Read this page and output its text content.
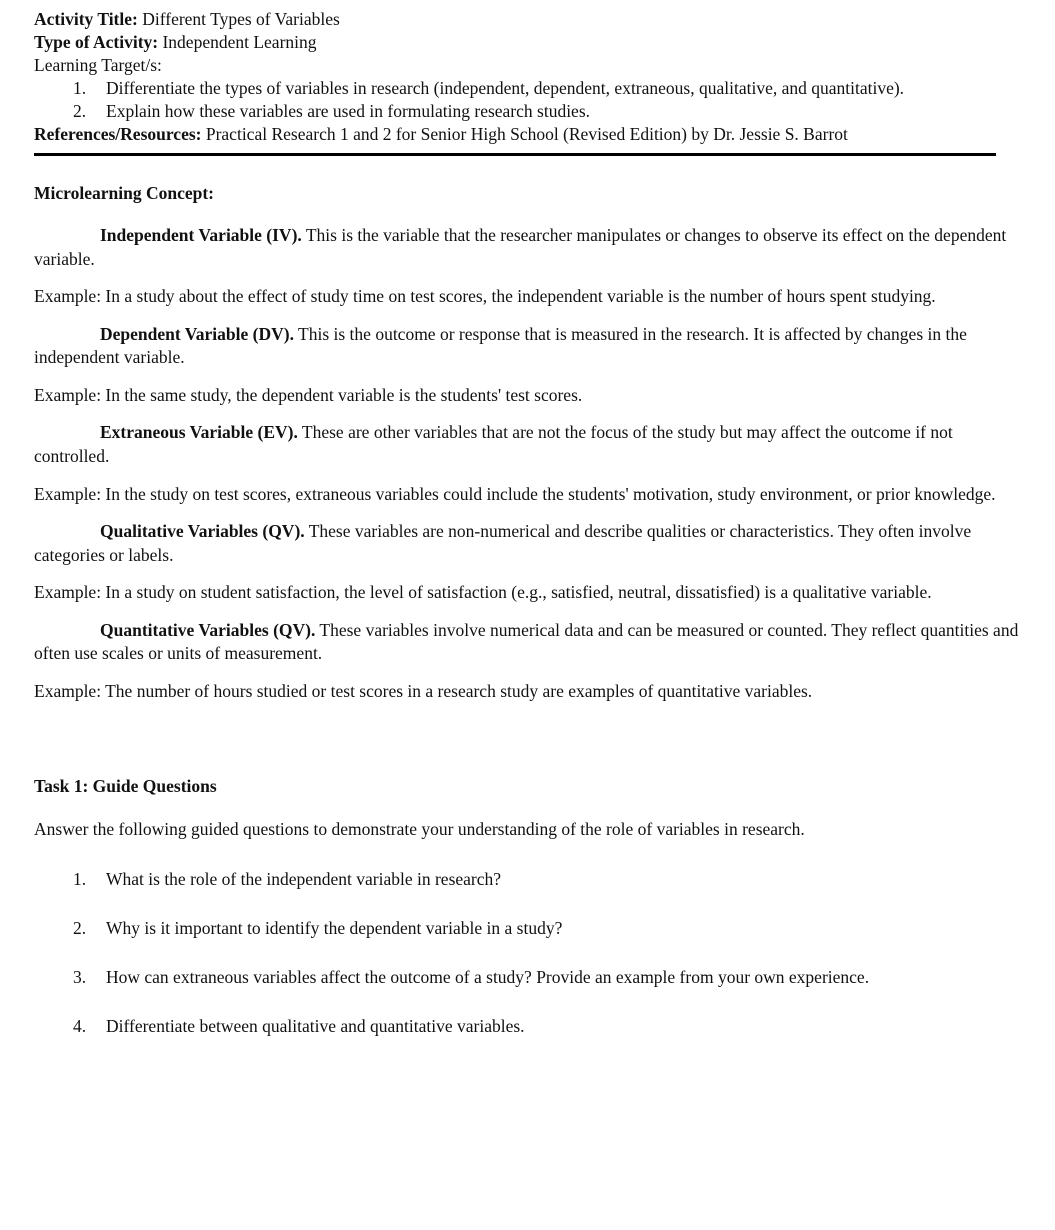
Activity Title: Different Types of Variables

Type of Activity: Independent Learning

Learning Target/s:

Differentiate the types of variables in research (independent, dependent, extraneous, qualitative, and quantitative).
Explain how these variables are used in formulating research studies.

References/Resources: Practical Research 1 and 2 for Senior High School (Revised Edition) by Dr. Jessie S. Barrot

Microlearning Concept:

Independent Variable (IV). This is the variable that the researcher manipulates or changes to observe its effect on the dependent variable.

Example: In a study about the effect of study time on test scores, the independent variable is the number of hours spent studying.

Dependent Variable (DV). This is the outcome or response that is measured in the research. It is affected by changes in the independent variable.

Example: In the same study, the dependent variable is the students' test scores.

Extraneous Variable (EV). These are other variables that are not the focus of the study but may affect the outcome if not controlled.

Example: In the study on test scores, extraneous variables could include the students' motivation, study environment, or prior knowledge.

Qualitative Variables (QV). These variables are non-numerical and describe qualities or characteristics. They often involve categories or labels.

Example: In a study on student satisfaction, the level of satisfaction (e.g., satisfied, neutral, dissatisfied) is a qualitative variable.

Quantitative Variables (QV). These variables involve numerical data and can be measured or counted. They reflect quantities and often use scales or units of measurement.

Example: The number of hours studied or test scores in a research study are examples of quantitative variables.

Task 1: Guide Questions

Answer the following guided questions to demonstrate your understanding of the role of variables in research.

What is the role of the independent variable in research?
Why is it important to identify the dependent variable in a study?
How can extraneous variables affect the outcome of a study? Provide an example from your own experience.
Differentiate between qualitative and quantitative variables.
